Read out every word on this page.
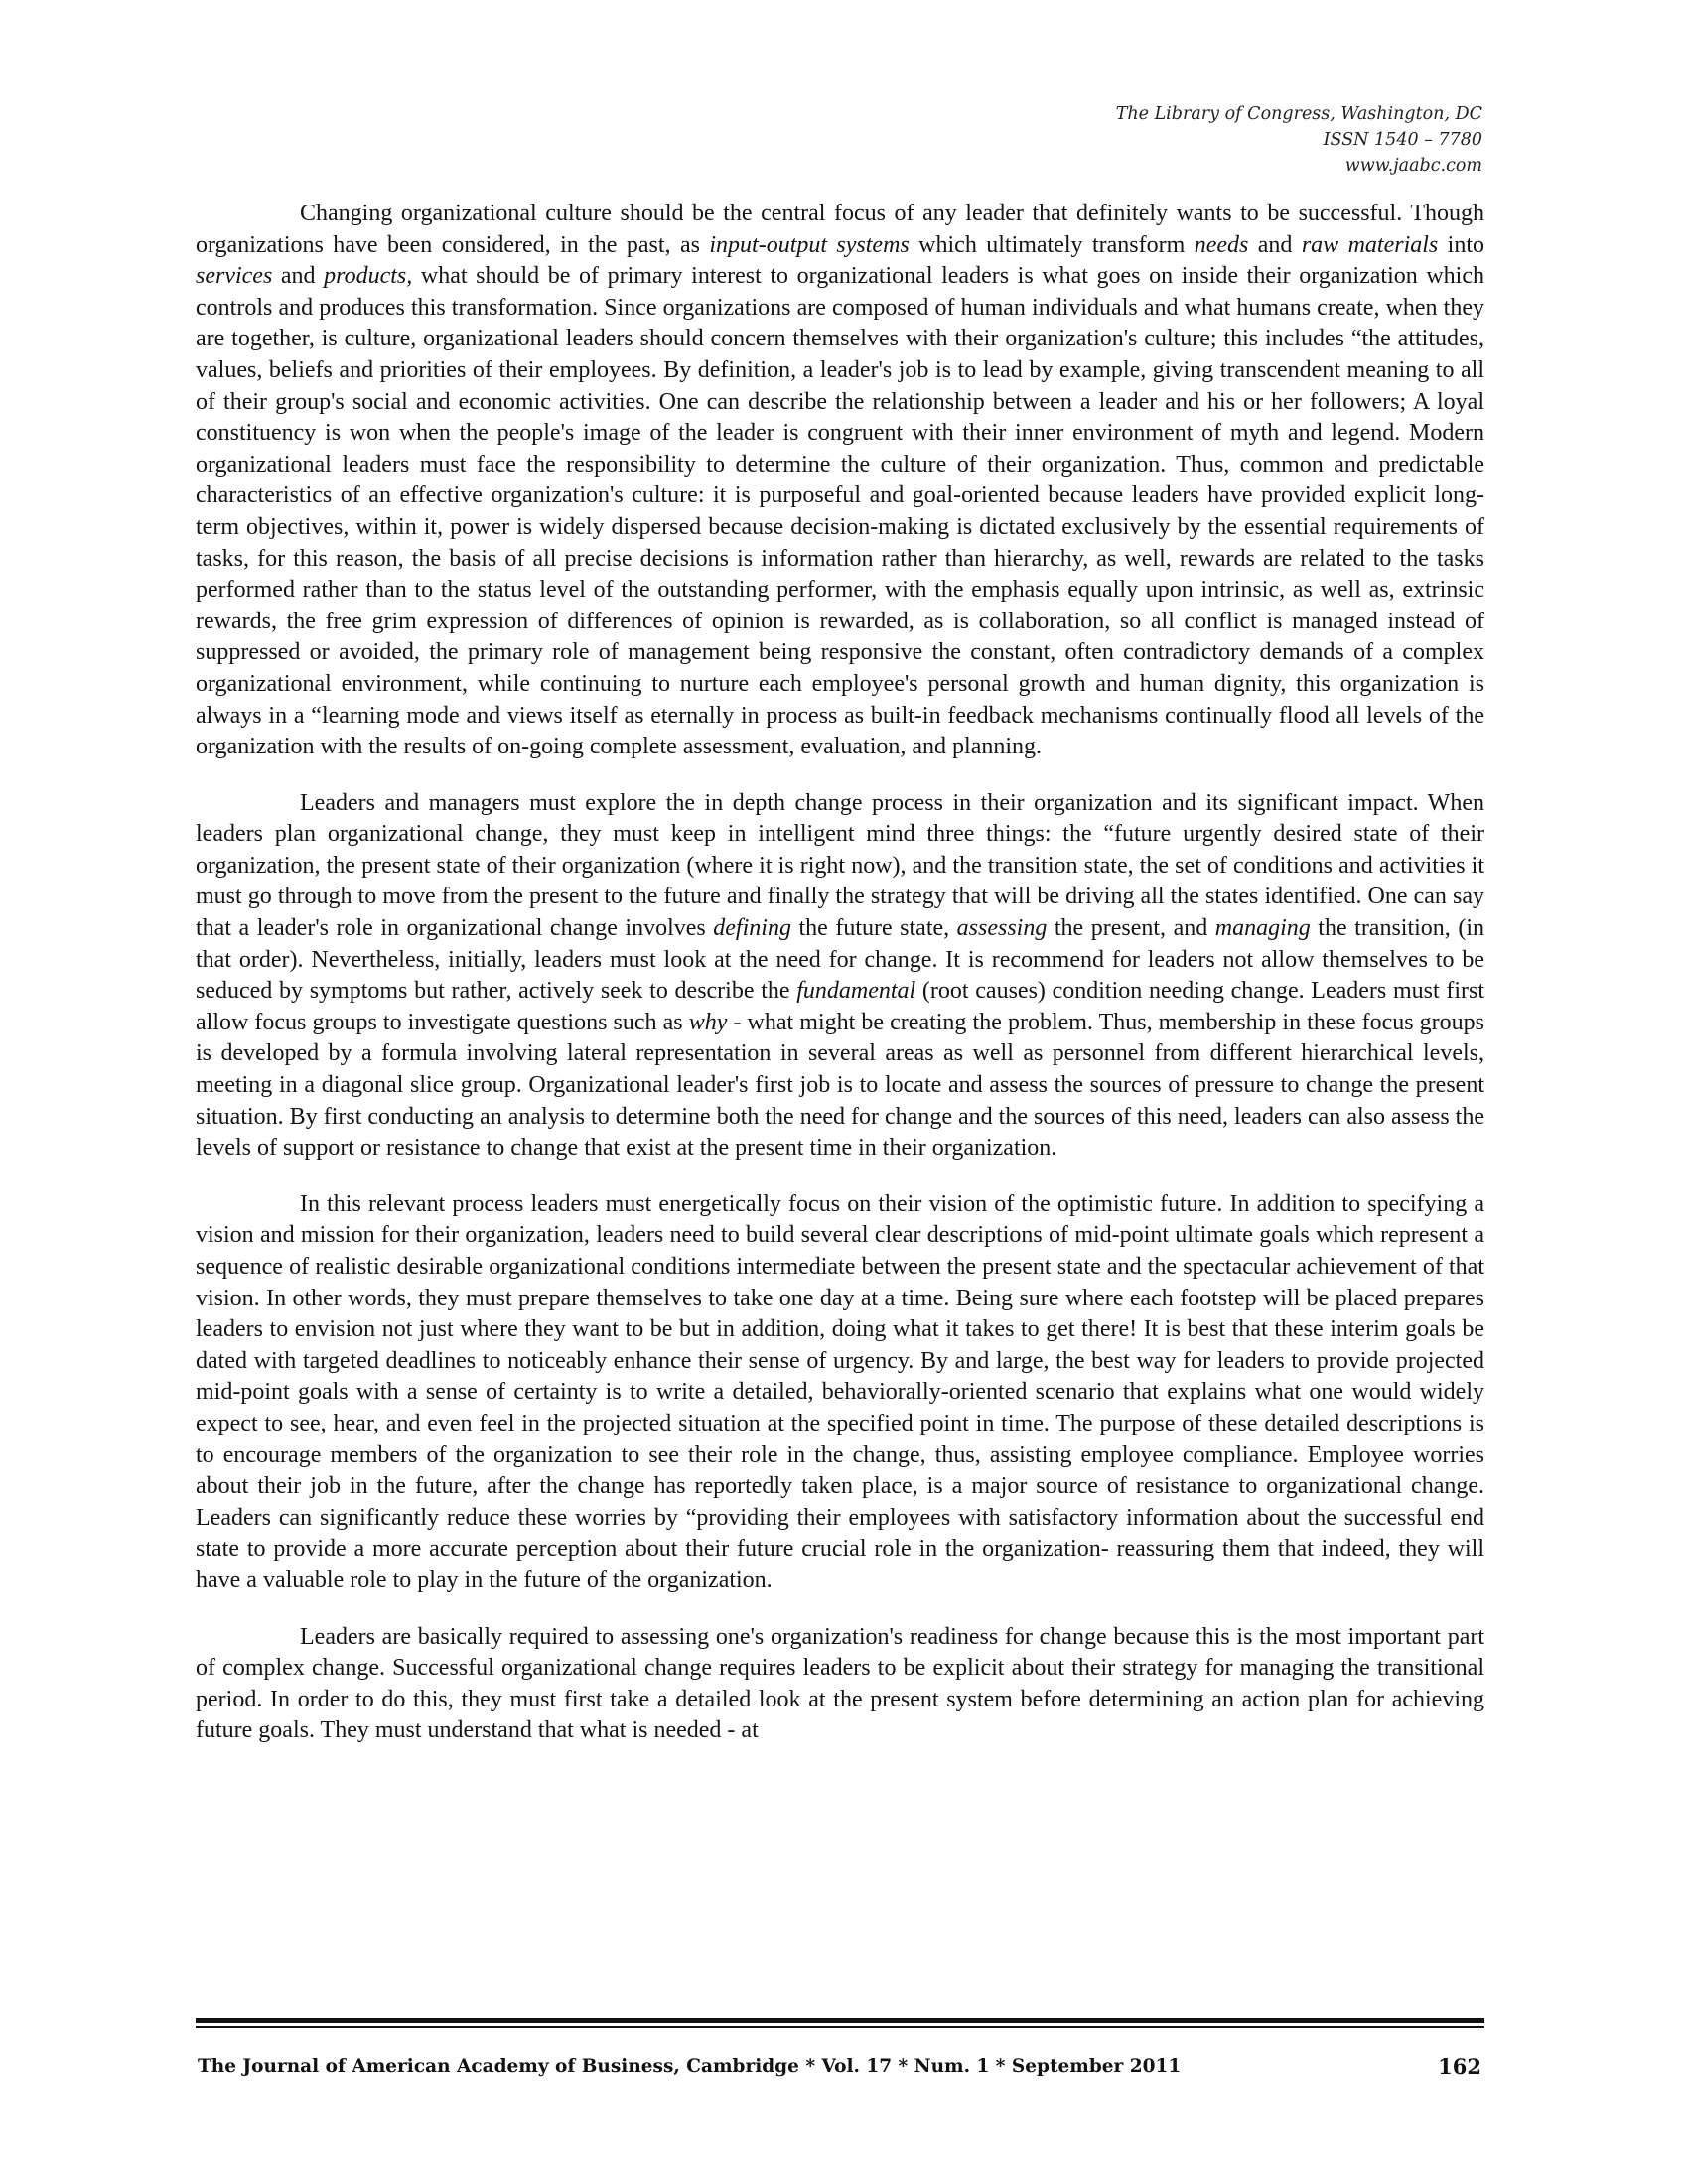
The Library of Congress, Washington, DC
ISSN 1540 – 7780
www.jaabc.com

Changing organizational culture should be the central focus of any leader that definitely wants to be successful. Though organizations have been considered, in the past, as input-output systems which ultimately transform needs and raw materials into services and products, what should be of primary interest to organizational leaders is what goes on inside their organization which controls and produces this transformation. Since organizations are composed of human individuals and what humans create, when they are together, is culture, organizational leaders should concern themselves with their organization's culture; this includes “the attitudes, values, beliefs and priorities of their employees. By definition, a leader's job is to lead by example, giving transcendent meaning to all of their group's social and economic activities. One can describe the relationship between a leader and his or her followers; A loyal constituency is won when the people's image of the leader is congruent with their inner environment of myth and legend. Modern organizational leaders must face the responsibility to determine the culture of their organization. Thus, common and predictable characteristics of an effective organization's culture: it is purposeful and goal-oriented because leaders have provided explicit long-term objectives, within it, power is widely dispersed because decision-making is dictated exclusively by the essential requirements of tasks, for this reason, the basis of all precise decisions is information rather than hierarchy, as well, rewards are related to the tasks performed rather than to the status level of the outstanding performer, with the emphasis equally upon intrinsic, as well as, extrinsic rewards, the free grim expression of differences of opinion is rewarded, as is collaboration, so all conflict is managed instead of suppressed or avoided, the primary role of management being responsive the constant, often contradictory demands of a complex organizational environment, while continuing to nurture each employee's personal growth and human dignity, this organization is always in a “learning mode and views itself as eternally in process as built-in feedback mechanisms continually flood all levels of the organization with the results of on-going complete assessment, evaluation, and planning.

Leaders and managers must explore the in depth change process in their organization and its significant impact. When leaders plan organizational change, they must keep in intelligent mind three things: the “future urgently desired state of their organization, the present state of their organization (where it is right now), and the transition state, the set of conditions and activities it must go through to move from the present to the future and finally the strategy that will be driving all the states identified. One can say that a leader's role in organizational change involves defining the future state, assessing the present, and managing the transition, (in that order). Nevertheless, initially, leaders must look at the need for change. It is recommend for leaders not allow themselves to be seduced by symptoms but rather, actively seek to describe the fundamental (root causes) condition needing change. Leaders must first allow focus groups to investigate questions such as why - what might be creating the problem. Thus, membership in these focus groups is developed by a formula involving lateral representation in several areas as well as personnel from different hierarchical levels, meeting in a diagonal slice group. Organizational leader's first job is to locate and assess the sources of pressure to change the present situation. By first conducting an analysis to determine both the need for change and the sources of this need, leaders can also assess the levels of support or resistance to change that exist at the present time in their organization.

In this relevant process leaders must energetically focus on their vision of the optimistic future. In addition to specifying a vision and mission for their organization, leaders need to build several clear descriptions of mid-point ultimate goals which represent a sequence of realistic desirable organizational conditions intermediate between the present state and the spectacular achievement of that vision. In other words, they must prepare themselves to take one day at a time. Being sure where each footstep will be placed prepares leaders to envision not just where they want to be but in addition, doing what it takes to get there! It is best that these interim goals be dated with targeted deadlines to noticeably enhance their sense of urgency. By and large, the best way for leaders to provide projected mid-point goals with a sense of certainty is to write a detailed, behaviorally-oriented scenario that explains what one would widely expect to see, hear, and even feel in the projected situation at the specified point in time. The purpose of these detailed descriptions is to encourage members of the organization to see their role in the change, thus, assisting employee compliance. Employee worries about their job in the future, after the change has reportedly taken place, is a major source of resistance to organizational change. Leaders can significantly reduce these worries by “providing their employees with satisfactory information about the successful end state to provide a more accurate perception about their future crucial role in the organization- reassuring them that indeed, they will have a valuable role to play in the future of the organization.

Leaders are basically required to assessing one's organization's readiness for change because this is the most important part of complex change. Successful organizational change requires leaders to be explicit about their strategy for managing the transitional period. In order to do this, they must first take a detailed look at the present system before determining an action plan for achieving future goals. They must understand that what is needed - at

The Journal of American Academy of Business, Cambridge * Vol. 17 * Num. 1 * September 2011	162
